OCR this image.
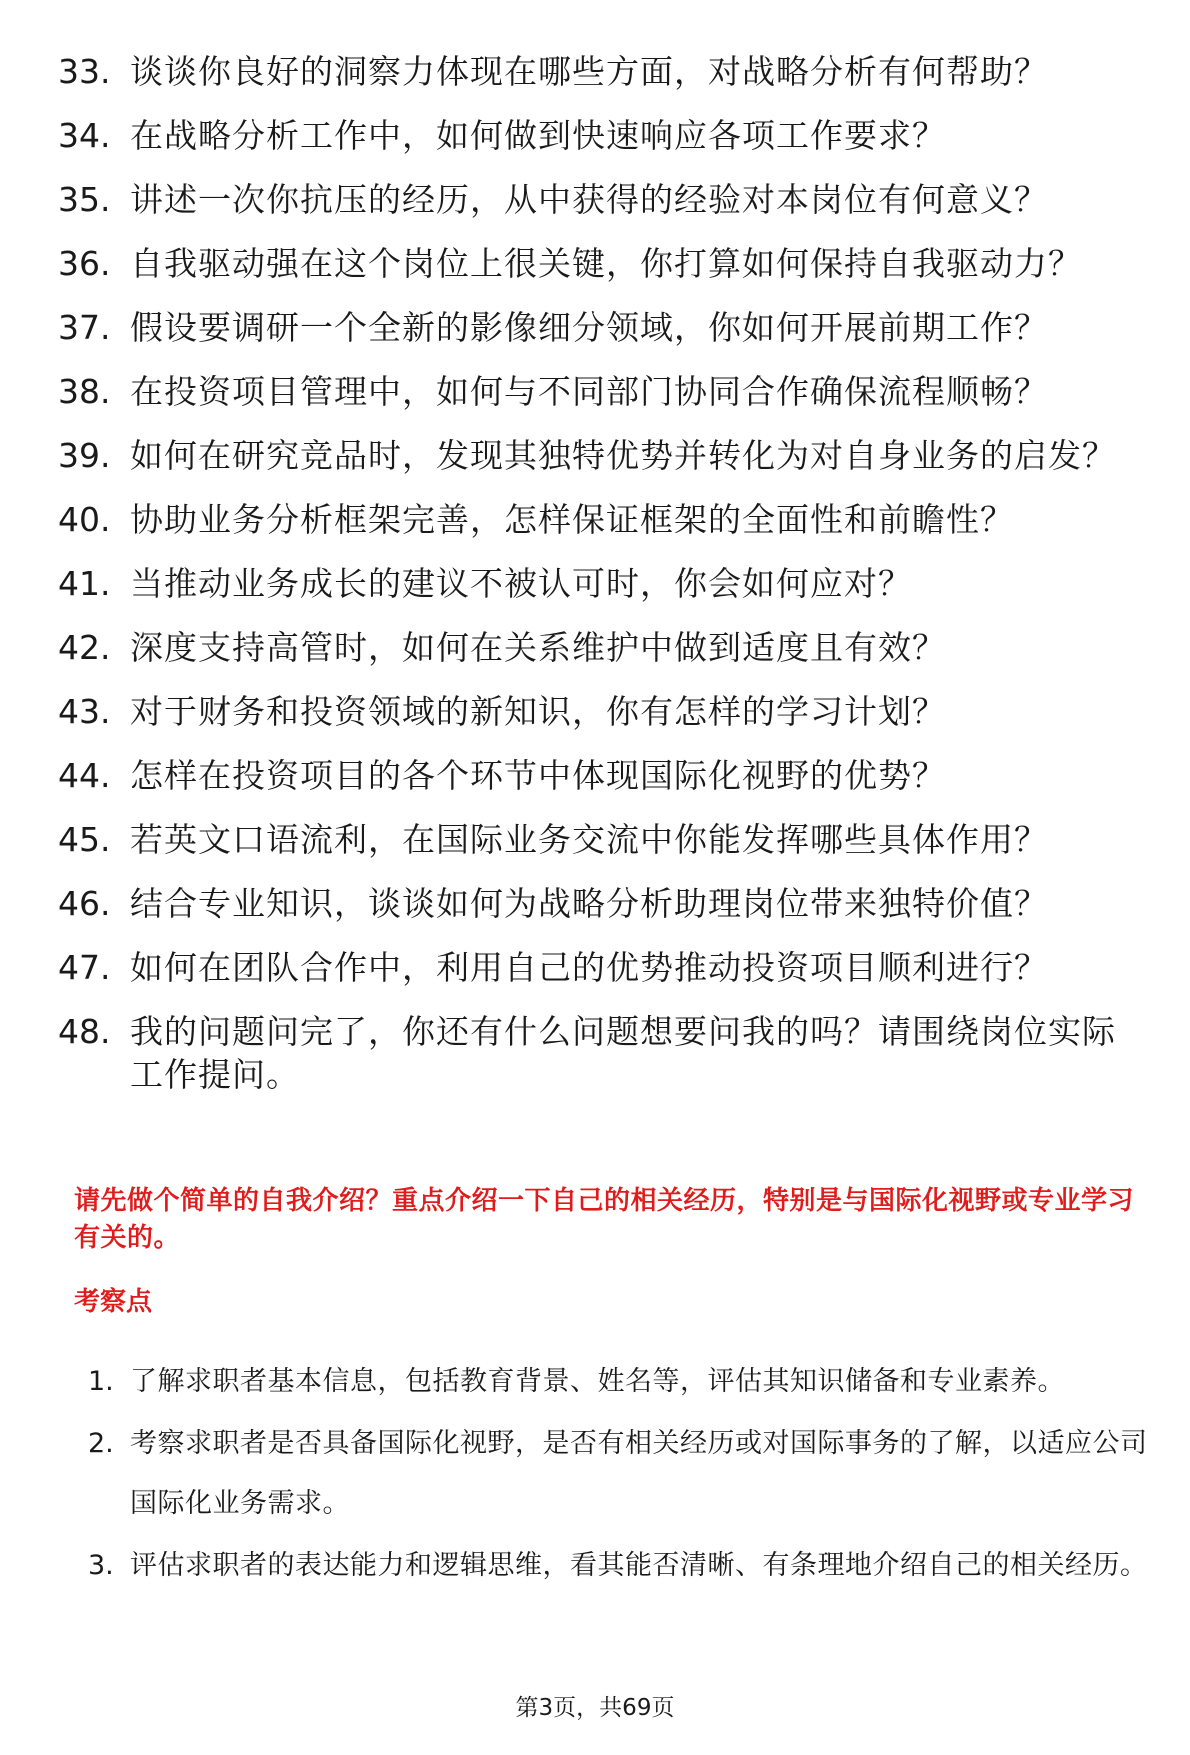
33. 谈谈你良好的洞察力体现在哪些方面，对战略分析有何帮助？
34. 在战略分析工作中，如何做到快速响应各项工作要求？
35. 讲述一次你抗压的经历，从中获得的经验对本岗位有何意义？
36. 自我驱动强在这个岗位上很关键，你打算如何保持自我驱动力？
37. 假设要调研一个全新的影像细分领域，你如何开展前期工作？
38. 在投资项目管理中，如何与不同部门协同合作确保流程顺畅？
39. 如何在研究竞品时，发现其独特优势并转化为对自身业务的启发？
40. 协助业务分析框架完善，怎样保证框架的全面性和前瞻性？
41. 当推动业务成长的建议不被认可时，你会如何应对？
42. 深度支持高管时，如何在关系维护中做到适度且有效？
43. 对于财务和投资领域的新知识，你有怎样的学习计划？
44. 怎样在投资项目的各个环节中体现国际化视野的优势？
45. 若英文口语流利，在国际业务交流中你能发挥哪些具体作用？
46. 结合专业知识，谈谈如何为战略分析助理岗位带来独特价值？
47. 如何在团队合作中，利用自己的优势推动投资项目顺利进行？
48. 我的问题问完了，你还有什么问题想要问我的吗？请围绕岗位实际工作提问。
请先做个简单的自我介绍？重点介绍一下自己的相关经历，特别是与国际化视野或专业学习有关的。
考察点
1. 了解求职者基本信息，包括教育背景、姓名等，评估其知识储备和专业素养。
2. 考察求职者是否具备国际化视野，是否有相关经历或对国际事务的了解，以适应公司国际化业务需求。
3. 评估求职者的表达能力和逻辑思维，看其能否清晰、有条理地介绍自己的相关经历。
第3页，共69页
